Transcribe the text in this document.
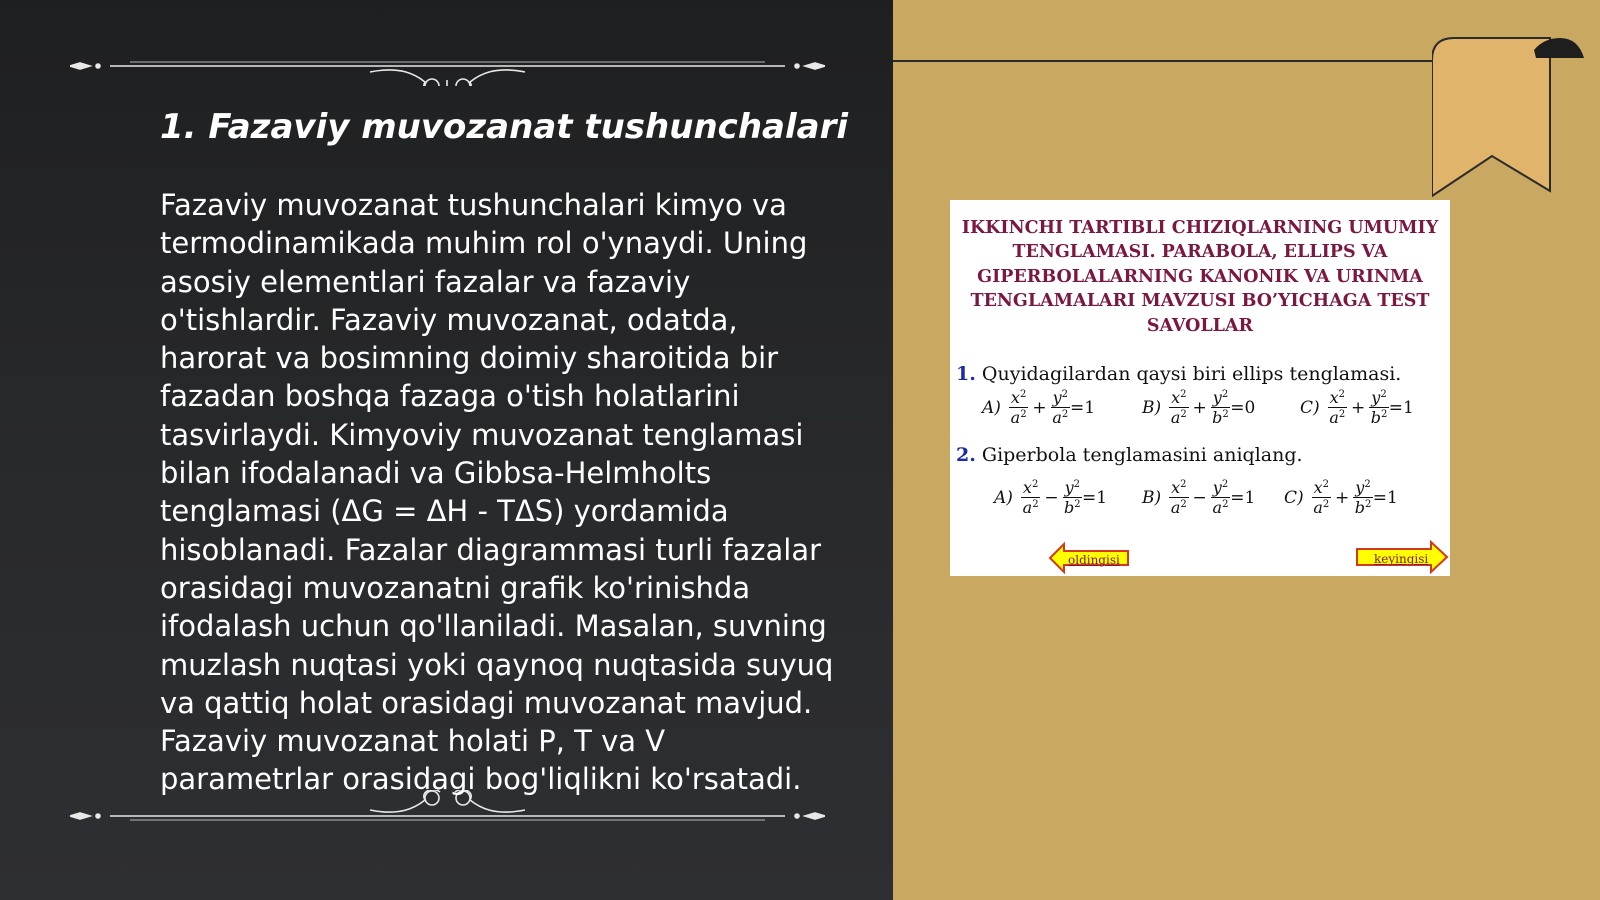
1. Fazaviy muvozanat tushunchalari

Fazaviy muvozanat tushunchalari kimyo va termodinamikada muhim rol o'ynaydi. Uning asosiy elementlari fazalar va fazaviy o'tishlardir. Fazaviy muvozanat, odatda, harorat va bosimning doimiy sharoitida bir fazadan boshqa fazaga o'tish holatlarini tasvirlaydi. Kimyoviy muvozanat tenglamasi bilan ifodalanadi va Gibbsa-Helmholts tenglamasi (ΔG = ΔH - TΔS) yordamida hisoblanadi. Fazalar diagrammasi turli fazalar orasidagi muvozanatni grafik ko'rinishda ifodalash uchun qo'llaniladi. Masalan, suvning muzlash nuqtasi yoki qaynoq nuqtasida suyuq va qattiq holat orasidagi muvozanat mavjud. Fazaviy muvozanat holati P, T va V parametrlar orasidagi bog'liqlikni ko'rsatadi.

IKKINCHI TARTIBLI CHIZIQLARNING UMUMIY TENGLAMASI. PARABOLA, ELLIPS VA GIPERBOLALARNING KANONIK VA URINMA TENGLAMALARI MAVZUSI BO’YICHAGA TEST SAVOLLAR

1. Quyidagilardan qaysi biri ellips tenglamasi.

$A) \frac{x^2}{a^2} + \frac{y^2}{a^2} =1$	$B) \frac{x^2}{a^2} + \frac{y^2}{b^2} =0$	$C) \frac{x^2}{a^2} + \frac{y^2}{b^2} =1$

2. Giperbola tenglamasini aniqlang.

$A) \frac{x^2}{a^2} - \frac{y^2}{b^2} =1$ $B) \frac{x^2}{a^2} - \frac{y^2}{a^2} =1$ $C) \frac{x^2}{a^2} + \frac{y^2}{b^2} =1$
oldingisi	keyingisi
